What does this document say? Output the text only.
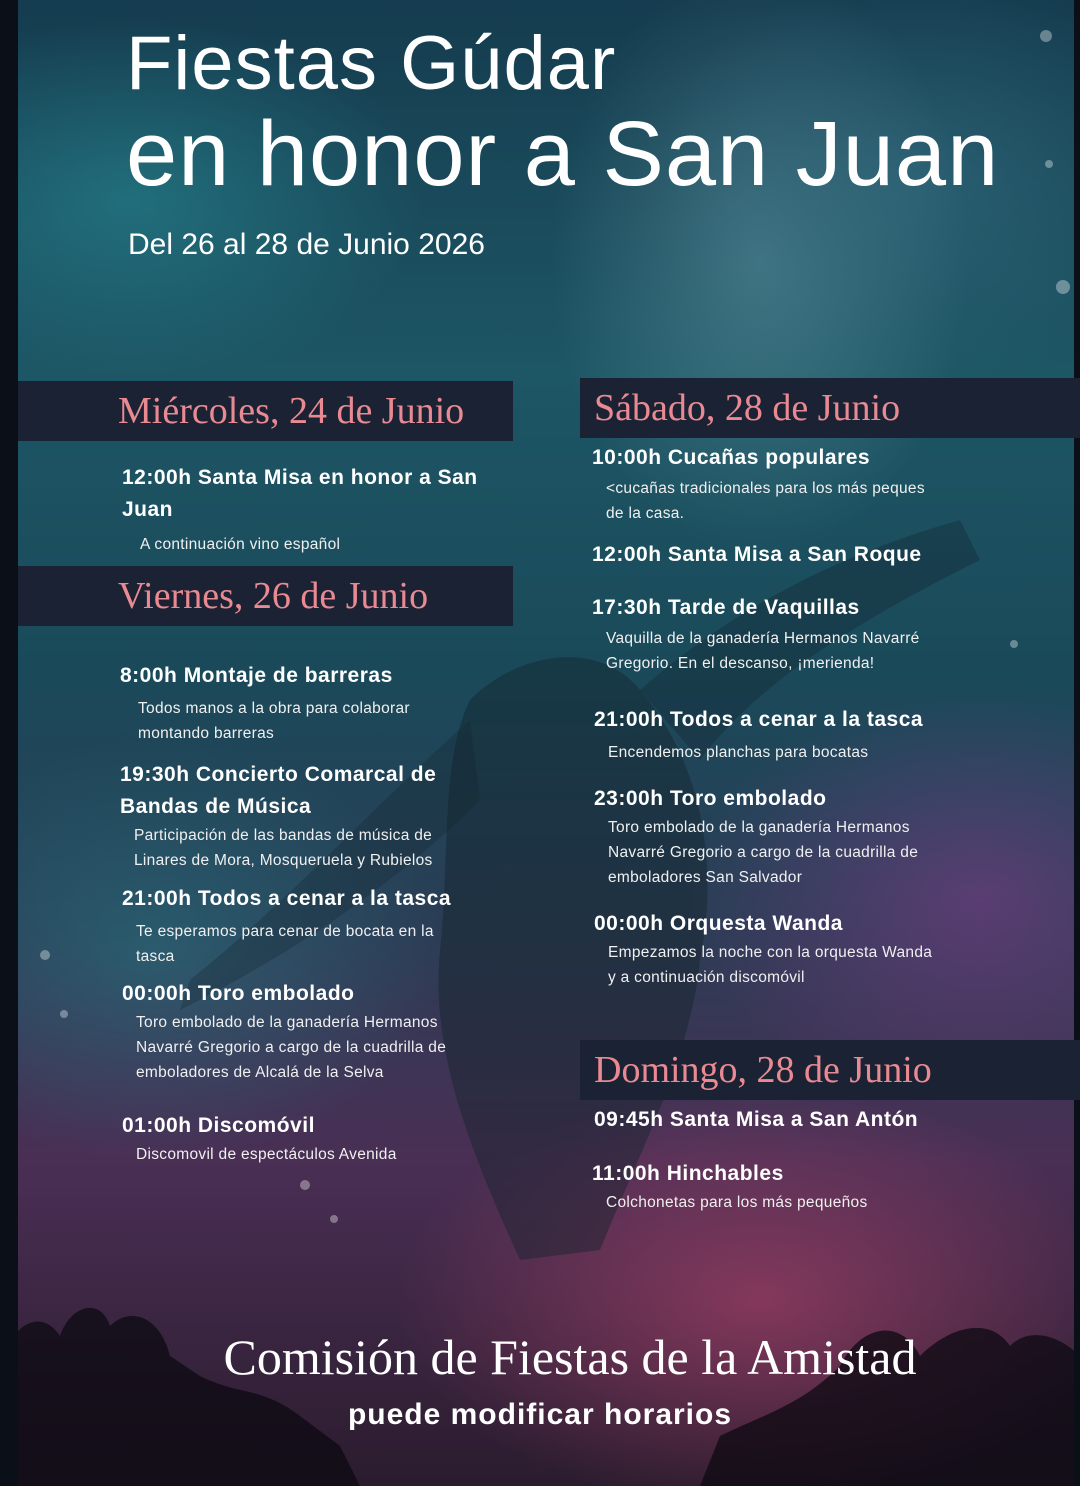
Fiestas Gúdar
en honor a San Juan
Del 26 al 28 de Junio 2026
Miércoles, 24 de Junio
12:00h Santa Misa en honor a San
Juan
A continuación vino español
Viernes, 26 de Junio
8:00h Montaje de barreras
Todos manos a la obra para colaborar
montando barreras
19:30h Concierto Comarcal de
Bandas de Música
Participación de las bandas de música de
Linares de Mora, Mosqueruela y Rubielos
21:00h Todos a cenar a la tasca
Te esperamos para cenar de bocata en la
tasca
00:00h Toro embolado
Toro embolado de la ganadería Hermanos
Navarré Gregorio a cargo de la cuadrilla de
emboladores de Alcalá de la Selva
01:00h Discomóvil
Discomovil de espectáculos Avenida
Sábado, 28 de Junio
10:00h Cucañas populares
<cucañas tradicionales para los más peques
de la casa.
12:00h Santa Misa a San Roque
17:30h Tarde de Vaquillas
Vaquilla de la ganadería Hermanos Navarré
Gregorio. En el descanso, ¡merienda!
21:00h Todos a cenar a la tasca
Encendemos planchas para bocatas
23:00h Toro embolado
Toro embolado de la ganadería Hermanos
Navarré Gregorio a cargo de la cuadrilla de
emboladores San Salvador
00:00h Orquesta Wanda
Empezamos la noche con la orquesta Wanda
y a continuación discomóvil
Domingo, 28 de Junio
09:45h Santa Misa a San Antón
11:00h Hinchables
Colchonetas para los más pequeños
Comisión de Fiestas de la Amistad
puede modificar horarios
